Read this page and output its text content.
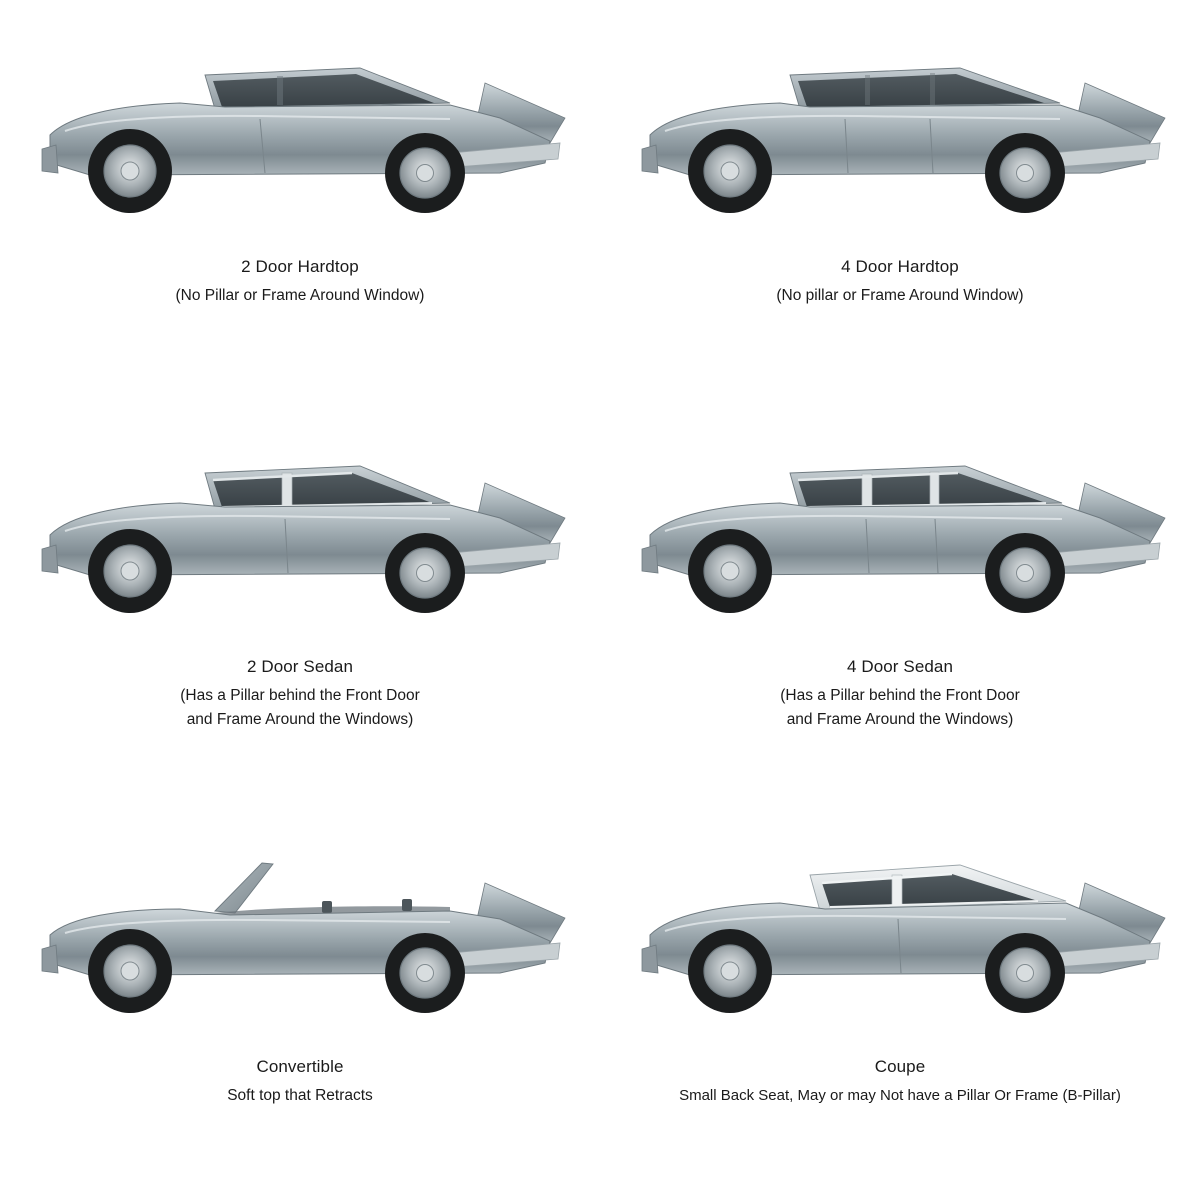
2 Door Hardtop
(No Pillar or Frame Around Window)
4 Door Hardtop
(No pillar or Frame Around Window)
2 Door Sedan
(Has a Pillar behind the Front Door
and Frame Around the Windows)
4 Door Sedan
(Has a Pillar behind the Front Door
and Frame Around the Windows)
Convertible
Soft top that Retracts
Coupe
Small Back Seat, May or may Not have a Pillar Or Frame (B-Pillar)
